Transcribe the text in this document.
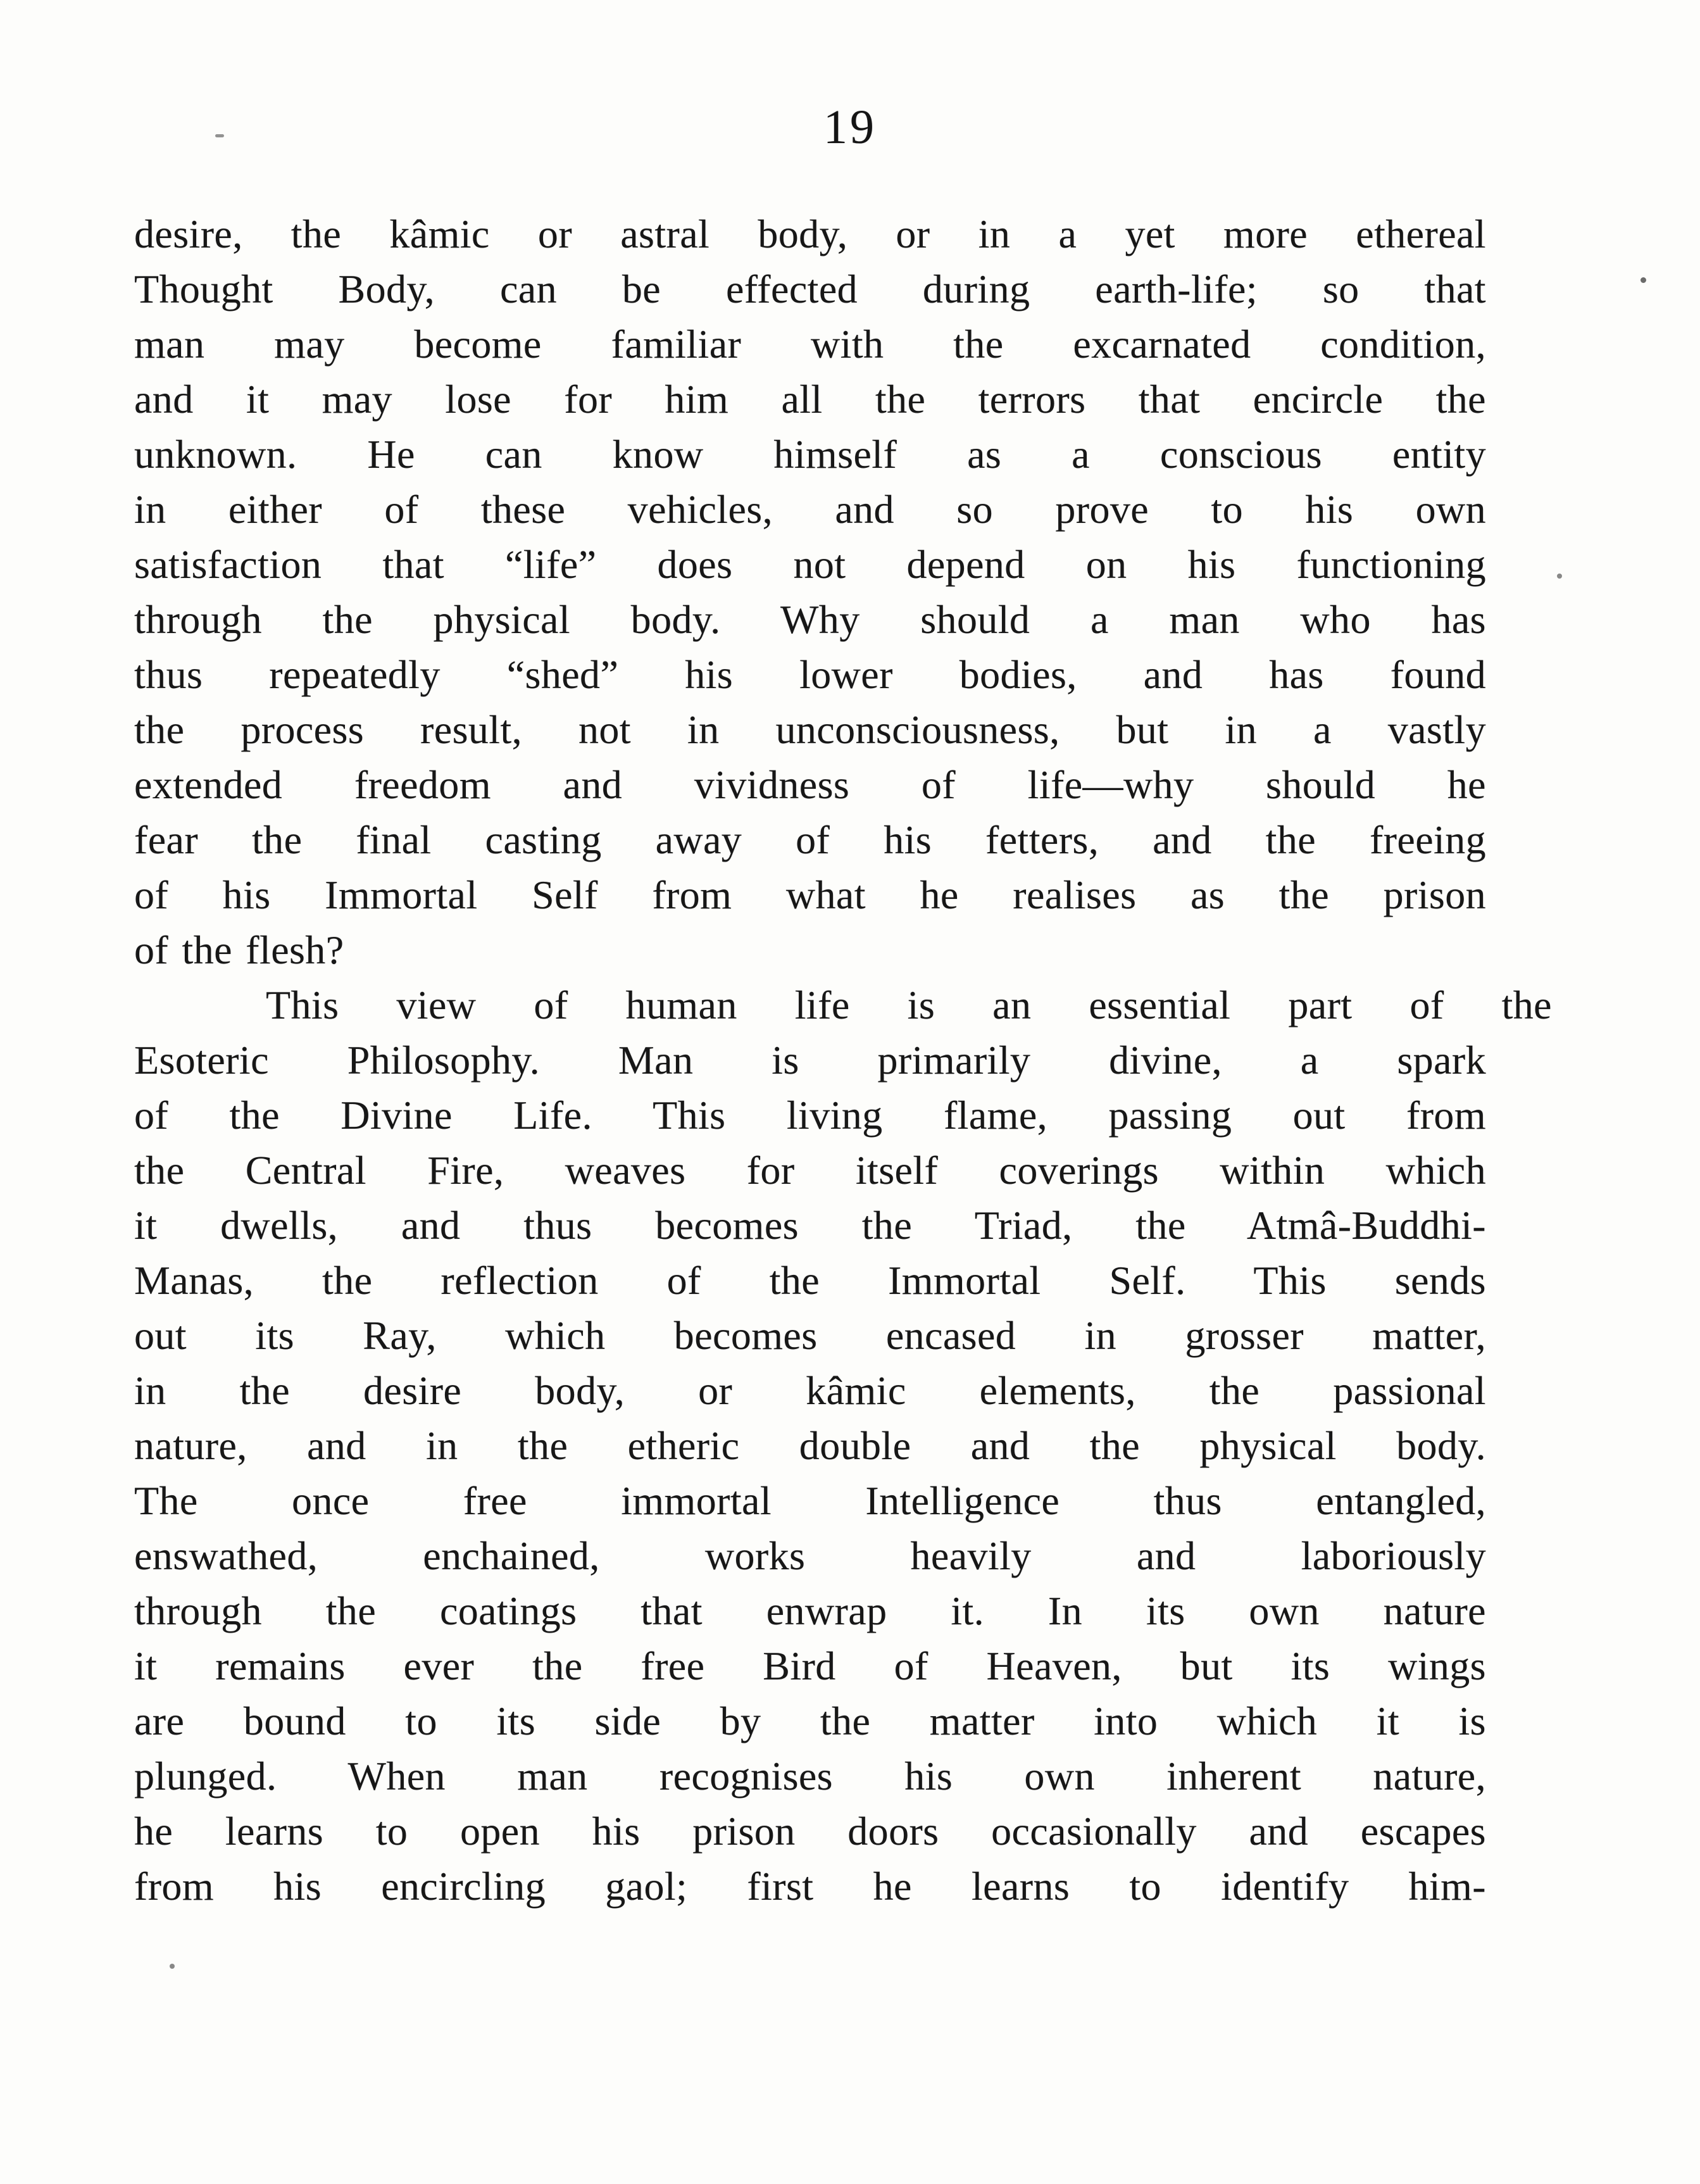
19
desire, the kâmic or astral body, or in a yet more ethereal
Thought Body, can be effected during earth-life; so that
man may become familiar with the excarnated condition,
and it may lose for him all the terrors that encircle the
unknown. He can know himself as a conscious entity
in either of these vehicles, and so prove to his own
satisfaction that “life” does not depend on his functioning
through the physical body. Why should a man who has
thus repeatedly “shed” his lower bodies, and has found
the process result, not in unconsciousness, but in a vastly
extended freedom and vividness of life—why should he
fear the final casting away of his fetters, and the freeing
of his Immortal Self from what he realises as the prison
of the flesh?
This view of human life is an essential part of the
Esoteric Philosophy. Man is primarily divine, a spark
of the Divine Life. This living flame, passing out from
the Central Fire, weaves for itself coverings within which
it dwells, and thus becomes the Triad, the Atmâ-Buddhi-
Manas, the reflection of the Immortal Self. This sends
out its Ray, which becomes encased in grosser matter,
in the desire body, or kâmic elements, the passional
nature, and in the etheric double and the physical body.
The once free immortal Intelligence thus entangled,
enswathed, enchained, works heavily and laboriously
through the coatings that enwrap it. In its own nature
it remains ever the free Bird of Heaven, but its wings
are bound to its side by the matter into which it is
plunged. When man recognises his own inherent nature,
he learns to open his prison doors occasionally and escapes
from his encircling gaol; first he learns to identify him-
